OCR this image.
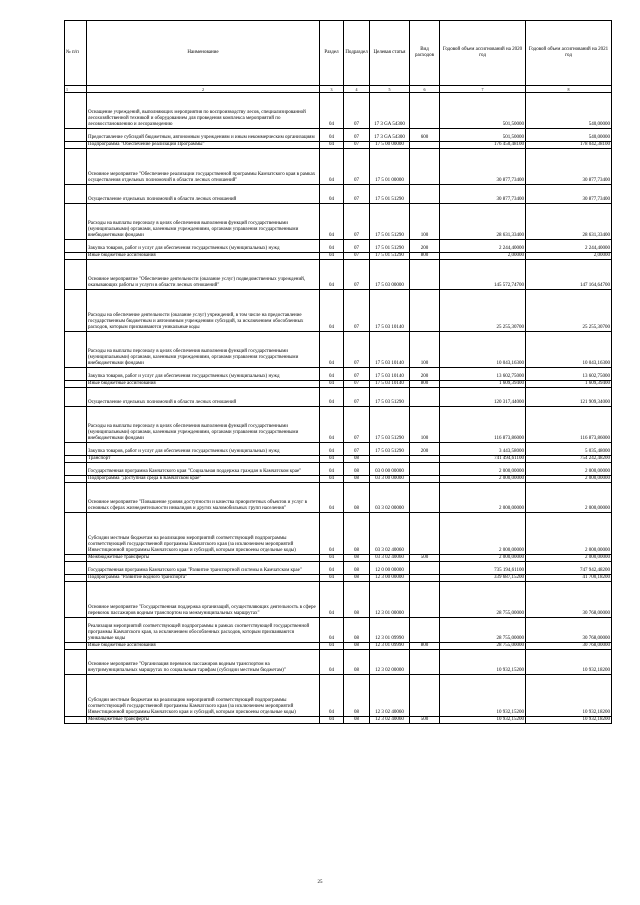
№ п/п	Наименование	Раздел	Подраздел	Целевая статья	Вид расходов	Годовой объем ассигнований на 2020 год	Годовой объем ассигнований на 2021 год
1	2	3	4	5	6	7	8
	Оснащение учреждений, выполняющих мероприятия по воспроизводству лесов, специализированной лесохозяйственной техникой и оборудованием для проведения комплекса мероприятий по лесовосстановлению и лесоразведению	04	07	17 3 GA 54300		501,50000	540,00000
	Предоставление субсидий бюджетным, автономным учреждениям и иным некоммерческим организациям	04	07	17 3 GA 54300	600	501,50000	540,00000
	Подпрограмма "Обеспечение реализации Программы"	04	07	17 5 00 00000		176 450,48100	178 042,38100
	Основное мероприятие "Обеспечение реализации государственной программы Камчатского края в рамках осуществления отдельных полномочий в области лесных отношений"	04	07	17 5 01 00000		30 877,73400	30 877,73400
	Осуществление отдельных полномочий в области лесных отношений	04	07	17 5 01 51290		30 877,73400	30 877,73400
	Расходы на выплаты персоналу в целях обеспечения выполнения функций государственными (муниципальными) органами, казенными учреждениями, органами управления государственными внебюджетными фондами	04	07	17 5 01 51290	100	28 631,33400	28 631,33400
	Закупка товаров, работ и услуг для обеспечения государственных (муниципальных) нужд	04	07	17 5 01 51290	200	2 244,40000	2 244,40000
	Иные бюджетные ассигнования	04	07	17 5 01 51290	800	2,00000	2,00000
	Основное мероприятие "Обеспечение деятельности (оказание услуг) подведомственных учреждений, оказывающих работы и услуги в области лесных отношений"	04	07	17 5 03 00000		145 572,74700	147 164,64700
	Расходы на обеспечение деятельности (оказание услуг) учреждений, в том числе на предоставление государственным бюджетным и автономным учреждениям субсидий, за исключением обособленных расходов, которым присваиваются уникальные коды	04	07	17 5 03 10140		25 255,30700	25 255,30700
	Расходы на выплаты персоналу в целях обеспечения выполнения функций государственными (муниципальными) органами, казенными учреждениями, органами управления государственными внебюджетными фондами	04	07	17 5 03 10140	100	10 043,16300	10 043,16300
	Закупка товаров, работ и услуг для обеспечения государственных (муниципальных) нужд	04	07	17 5 03 10140	200	13 602,75000	13 602,75000
	Иные бюджетные ассигнования	04	07	17 5 03 10140	800	1 609,39400	1 609,39400
	Осуществление отдельных полномочий в области лесных отношений	04	07	17 5 03 51290		120 317,44000	121 909,34000
	Расходы на выплаты персоналу в целях обеспечения выполнения функций государственными (муниципальными) органами, казенными учреждениями, органами управления государственными внебюджетными фондами	04	07	17 5 03 51290	100	116 873,86000	116 873,86000
	Закупка товаров, работ и услуг для обеспечения государственных (муниципальных) нужд	04	07	17 5 03 51290	200	3 443,58000	5 035,48000
	Транспорт	04	08			741 494,61100	754 242,48200
	Государственная программа Камчатского края "Социальная поддержка граждан в Камчатском крае"	04	08	03 0 00 00000		2 000,00000	2 000,00000
	Подпрограмма "Доступная среда в Камчатском крае"	04	08	03 3 00 00000		2 000,00000	2 000,00000
	Основное мероприятие "Повышение уровня доступности и качества приоритетных объектов и услуг в основных сферах жизнедеятельности инвалидов и других маломобильных групп населения"	04	08	03 3 02 00000		2 000,00000	2 000,00000
	Субсидии местным бюджетам на реализацию мероприятий соответствующей подпрограммы соответствующей государственной программы Камчатского края (за исключением мероприятий Инвестиционной программы Камчатского края и субсидий, которым присвоены отдельные коды)	04	08	03 3 02 40060		2 000,00000	2 000,00000
	Межбюджетные трансферты	04	08	03 3 02 40060	500	2 000,00000	2 000,00000
	Государственная программа Камчатского края "Развитие транспортной системы в Камчатском крае"	04	08	12 0 00 00000		735 194,61100	747 942,48200
	Подпрограмма "Развитие водного транспорта"	04	08	12 3 00 00000		339 687,15200	41 700,18200
	Основное мероприятие "Государственная поддержка организаций, осуществляющих деятельность в сфере перевозок пассажиров водным транспортом на межмуниципальных маршрутах"	04	08	12 3 01 00000		28 755,00000	30 768,00000
	Реализация мероприятий соответствующей подпрограммы в рамках соответствующей государственной программы Камчатского края, за исключением обособленных расходов, которым присваиваются уникальные коды	04	08	12 3 01 09990		28 755,00000	30 768,00000
	Иные бюджетные ассигнования	04	08	12 3 01 09990	800	28 755,00000	30 768,00000
	Основное мероприятие "Организация перевозок пассажиров водным транспортом на внутримуниципальных маршрутах по социальным тарифам (субсидии местным бюджетам)"	04	08	12 3 02 00000		10 932,15200	10 932,18200
	Субсидии местным бюджетам на реализацию мероприятий соответствующей подпрограммы соответствующей государственной программы Камчатского края (за исключением мероприятий Инвестиционной программы Камчатского края и субсидий, которым присвоены отдельные коды)	04	08	12 3 02 40060		10 932,15200	10 932,18200
	Межбюджетные трансферты	04	08	12 3 02 40060	500	10 932,15200	10 932,18200
25
